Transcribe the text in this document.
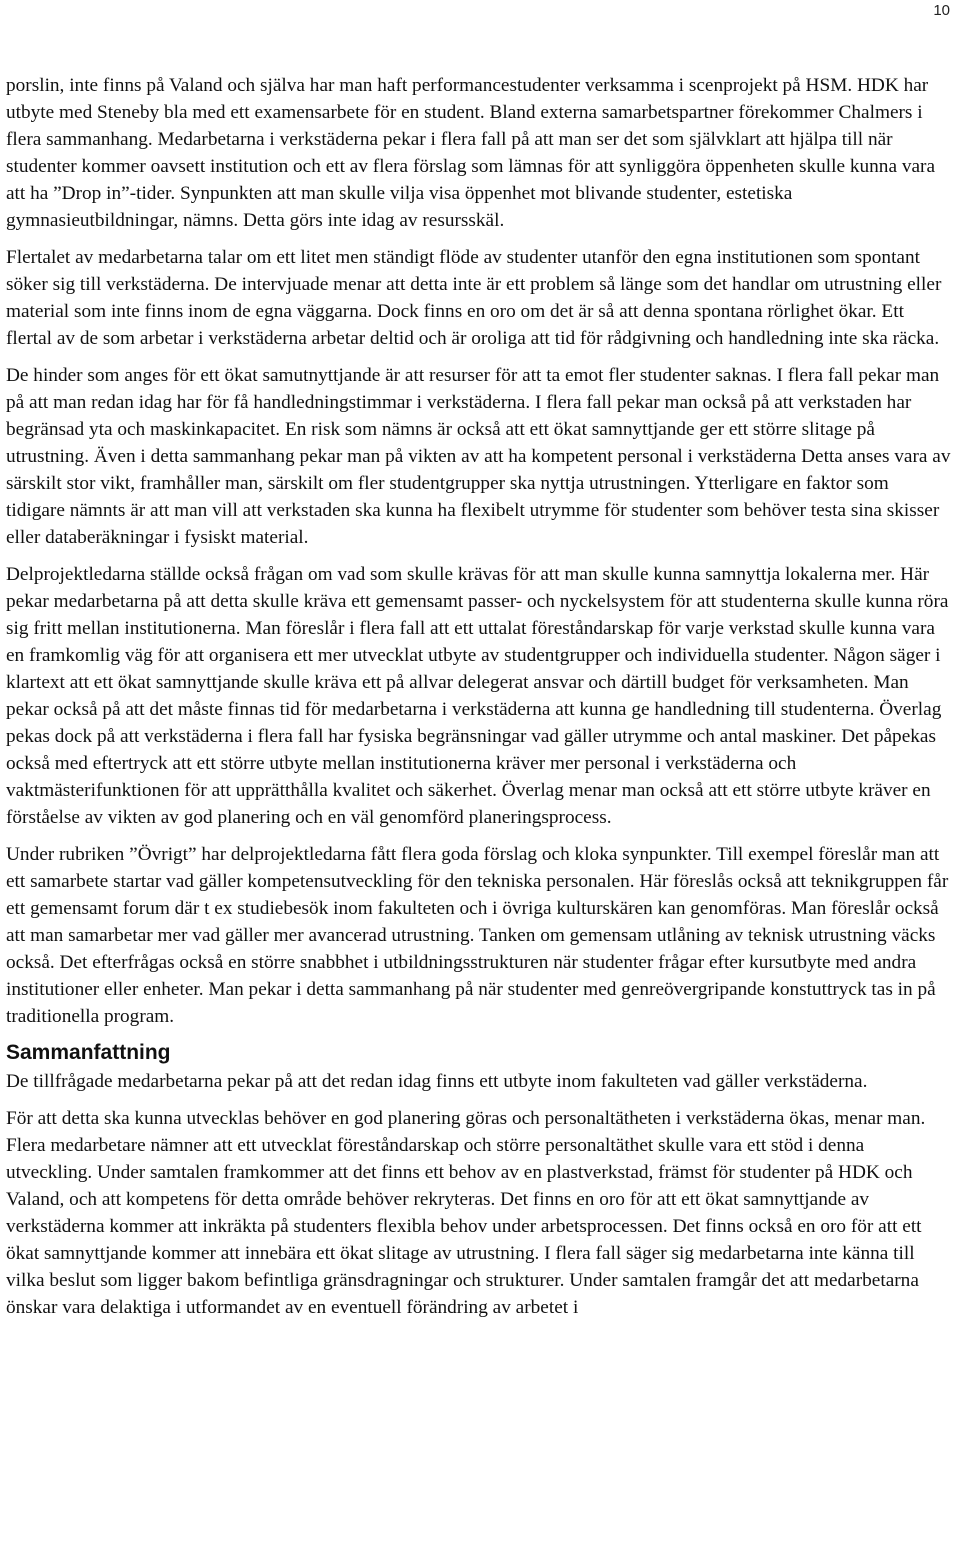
10

porslin, inte finns på Valand och själva har man haft performancestudenter verksamma i scenprojekt på HSM. HDK har utbyte med Steneby bla med ett examensarbete för en student. Bland externa samarbetspartner förekommer Chalmers i flera sammanhang. Medarbetarna i verkstäderna pekar i flera fall på att man ser det som självklart att hjälpa till när studenter kommer oavsett institution och ett av flera förslag som lämnas för att synliggöra öppenheten skulle kunna vara att ha ”Drop in”-tider. Synpunkten att man skulle vilja visa öppenhet mot blivande studenter, estetiska gymnasieutbildningar, nämns. Detta görs inte idag av resursskäl.

Flertalet av medarbetarna talar om ett litet men ständigt flöde av studenter utanför den egna institutionen som spontant söker sig till verkstäderna. De intervjuade menar att detta inte är ett problem så länge som det handlar om utrustning eller material som inte finns inom de egna väggarna. Dock finns en oro om det är så att denna spontana rörlighet ökar. Ett flertal av de som arbetar i verkstäderna arbetar deltid och är oroliga att tid för rådgivning och handledning inte ska räcka.

De hinder som anges för ett ökat samutnyttjande är att resurser för att ta emot fler studenter saknas. I flera fall pekar man på att man redan idag har för få handledningstimmar i verkstäderna. I flera fall pekar man också på att verkstaden har begränsad yta och maskinkapacitet. En risk som nämns är också att ett ökat samnyttjande ger ett större slitage på utrustning. Även i detta sammanhang pekar man på vikten av att ha kompetent personal i verkstäderna Detta anses vara av särskilt stor vikt, framhåller man, särskilt om fler studentgrupper ska nyttja utrustningen. Ytterligare en faktor som tidigare nämnts är att man vill att verkstaden ska kunna ha flexibelt utrymme för studenter som behöver testa sina skisser eller databeräkningar i fysiskt material.

Delprojektledarna ställde också frågan om vad som skulle krävas för att man skulle kunna samnyttja lokalerna mer. Här pekar medarbetarna på att detta skulle kräva ett gemensamt passer- och nyckelsystem för att studenterna skulle kunna röra sig fritt mellan institutionerna. Man föreslår i flera fall att ett uttalat föreståndarskap för varje verkstad skulle kunna vara en framkomlig väg för att organisera ett mer utvecklat utbyte av studentgrupper och individuella studenter. Någon säger i klartext att ett ökat samnyttjande skulle kräva ett på allvar delegerat ansvar och därtill budget för verksamheten. Man pekar också på att det måste finnas tid för medarbetarna i verkstäderna att kunna ge handledning till studenterna. Överlag pekas dock på att verkstäderna i flera fall har fysiska begränsningar vad gäller utrymme och antal maskiner. Det påpekas också med eftertryck att ett större utbyte mellan institutionerna kräver mer personal i verkstäderna och vaktmästerifunktionen för att upprätthålla kvalitet och säkerhet. Överlag menar man också att ett större utbyte kräver en förståelse av vikten av god planering och en väl genomförd planeringsprocess.

Under rubriken ”Övrigt” har delprojektledarna fått flera goda förslag och kloka synpunkter. Till exempel föreslår man att ett samarbete startar vad gäller kompetensutveckling för den tekniska personalen. Här föreslås också att teknikgruppen får ett gemensamt forum där t ex studiebesök inom fakulteten och i övriga kulturskären kan genomföras. Man föreslår också att man samarbetar mer vad gäller mer avancerad utrustning. Tanken om gemensam utlåning av teknisk utrustning väcks också. Det efterfrågas också en större snabbhet i utbildningsstrukturen när studenter frågar efter kursutbyte med andra institutioner eller enheter. Man pekar i detta sammanhang på när studenter med genreövergripande konstuttryck tas in på traditionella program.

Sammanfattning

De tillfrågade medarbetarna pekar på att det redan idag finns ett utbyte inom fakulteten vad gäller verkstäderna.

För att detta ska kunna utvecklas behöver en god planering göras och personaltätheten i verkstäderna ökas, menar man. Flera medarbetare nämner att ett utvecklat föreståndarskap och större personaltäthet skulle vara ett stöd i denna utveckling. Under samtalen framkommer att det finns ett behov av en plastverkstad, främst för studenter på HDK och Valand, och att kompetens för detta område behöver rekryteras. Det finns en oro för att ett ökat samnyttjande av verkstäderna kommer att inkräkta på studenters flexibla behov under arbetsprocessen. Det finns också en oro för att ett ökat samnyttjande kommer att innebära ett ökat slitage av utrustning. I flera fall säger sig medarbetarna inte känna till vilka beslut som ligger bakom befintliga gränsdragningar och strukturer. Under samtalen framgår det att medarbetarna önskar vara delaktiga i utformandet av en eventuell förändring av arbetet i
